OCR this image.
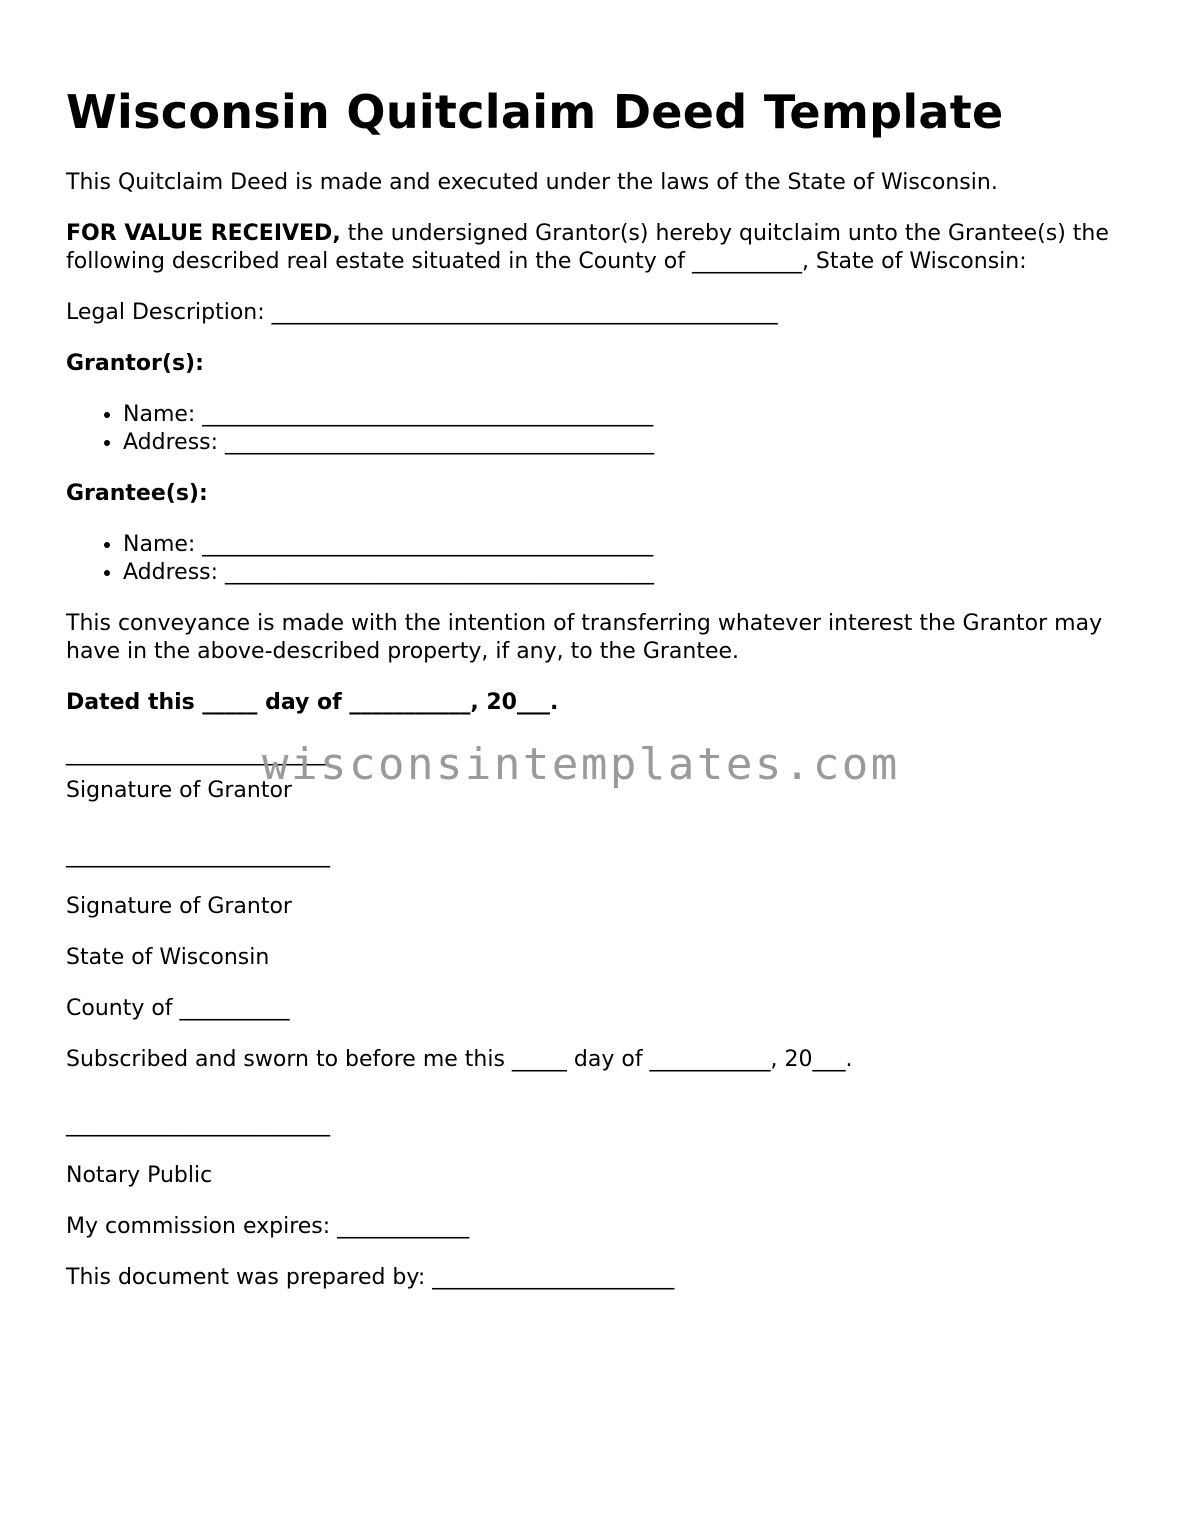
Wisconsin Quitclaim Deed Template

This Quitclaim Deed is made and executed under the laws of the State of Wisconsin.

FOR VALUE RECEIVED, the undersigned Grantor(s) hereby quitclaim unto the Grantee(s) the following described real estate situated in the County of __________, State of Wisconsin:

Legal Description: ______________________________________________

Grantor(s):

• Name: _________________________________________
• Address: _______________________________________

Grantee(s):

• Name: _________________________________________
• Address: _______________________________________

This conveyance is made with the intention of transferring whatever interest the Grantor may have in the above-described property, if any, to the Grantee.

Dated this _____ day of ___________, 20___.

________________________

Signature of Grantor

________________________

Signature of Grantor

State of Wisconsin

County of __________

Subscribed and sworn to before me this _____ day of ___________, 20___.

________________________

Notary Public

My commission expires: ____________

This document was prepared by: ______________________

wisconsintemplates.com
